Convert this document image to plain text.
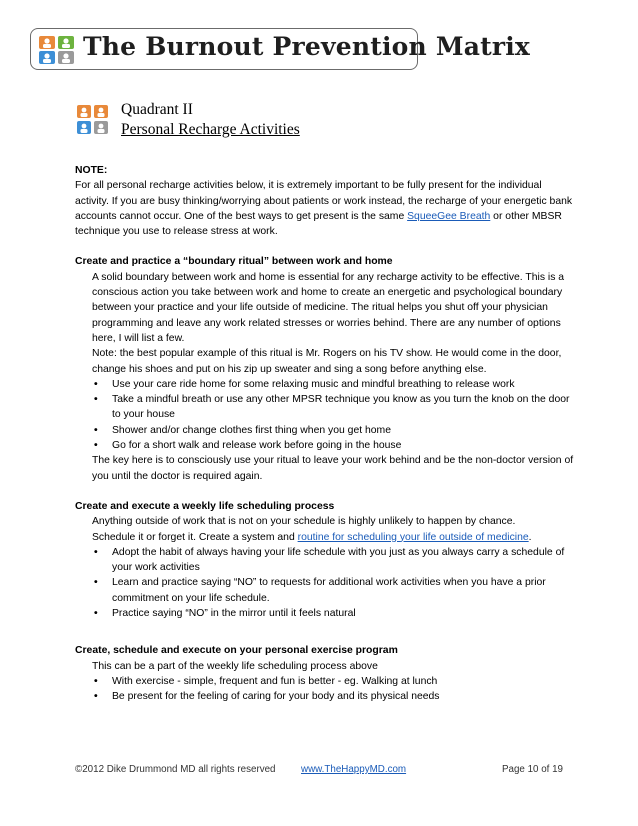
The Burnout Prevention Matrix
Quadrant II
Personal Recharge Activities

NOTE:

For all personal recharge activities below, it is extremely important to be fully present for the individual activity. If you are busy thinking/worrying about patients or work instead, the recharge of your energetic bank accounts cannot occur. One of the best ways to get present is the same SqueeGee Breath or other MBSR technique you use to release stress at work.

Create and practice a “boundary ritual” between work and home

A solid boundary between work and home is essential for any recharge activity to be effective. This is a conscious action you take between work and home to create an energetic and psychological boundary between your practice and your life outside of medicine. The ritual helps you shut off your physician programming and leave any work related stresses or worries behind. There are any number of options here, I will list a few.

Note: the best popular example of this ritual is Mr. Rogers on his TV show. He would come in the door, change his shoes and put on his zip up sweater and sing a song before anything else.

• Use your care ride home for some relaxing music and mindful breathing to release work
• Take a mindful breath or use any other MPSR technique you know as you turn the knob on the door to your house
• Shower and/or change clothes first thing when you get home
• Go for a short walk and release work before going in the house

The key here is to consciously use your ritual to leave your work behind and be the non-doctor version of you until the doctor is required again.

Create and execute a weekly life scheduling process

Anything outside of work that is not on your schedule is highly unlikely to happen by chance.

Schedule it or forget it. Create a system and routine for scheduling your life outside of medicine.

• Adopt the habit of always having your life schedule with you just as you always carry a schedule of your work activities
• Learn and practice saying “NO” to requests for additional work activities when you have a prior commitment on your life schedule.
• Practice saying “NO” in the mirror until it feels natural

Create, schedule and execute on your personal exercise program

This can be a part of the weekly life scheduling process above

• With exercise - simple, frequent and fun is better - eg. Walking at lunch
• Be present for the feeling of caring for your body and its physical needs
©2012 Dike Drummond MD all rights reserved	www.TheHappyMD.com	Page 10 of 19
